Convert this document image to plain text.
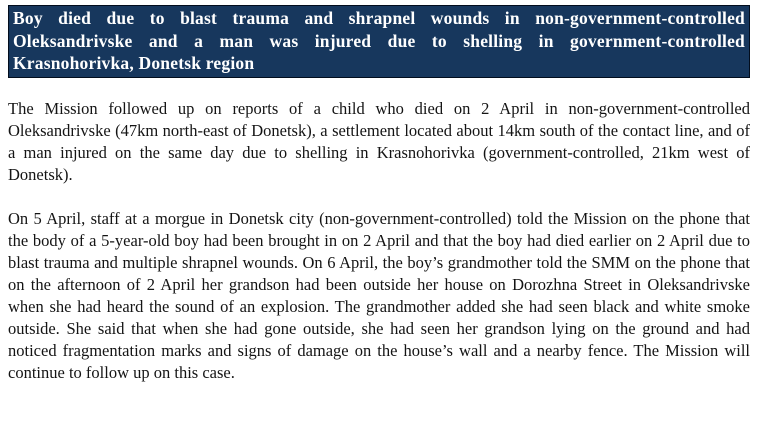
Boy died due to blast trauma and shrapnel wounds in non-government-controlled Oleksandrivske and a man was injured due to shelling in government-controlled Krasnohorivka, Donetsk region

The Mission followed up on reports of a child who died on 2 April in non-government-controlled Oleksandrivske (47km north-east of Donetsk), a settlement located about 14km south of the contact line, and of a man injured on the same day due to shelling in Krasnohorivka (government-controlled, 21km west of Donetsk).

On 5 April, staff at a morgue in Donetsk city (non-government-controlled) told the Mission on the phone that the body of a 5-year-old boy had been brought in on 2 April and that the boy had died earlier on 2 April due to blast trauma and multiple shrapnel wounds. On 6 April, the boy’s grandmother told the SMM on the phone that on the afternoon of 2 April her grandson had been outside her house on Dorozhna Street in Oleksandrivske when she had heard the sound of an explosion. The grandmother added she had seen black and white smoke outside. She said that when she had gone outside, she had seen her grandson lying on the ground and had noticed fragmentation marks and signs of damage on the house’s wall and a nearby fence. The Mission will continue to follow up on this case.
